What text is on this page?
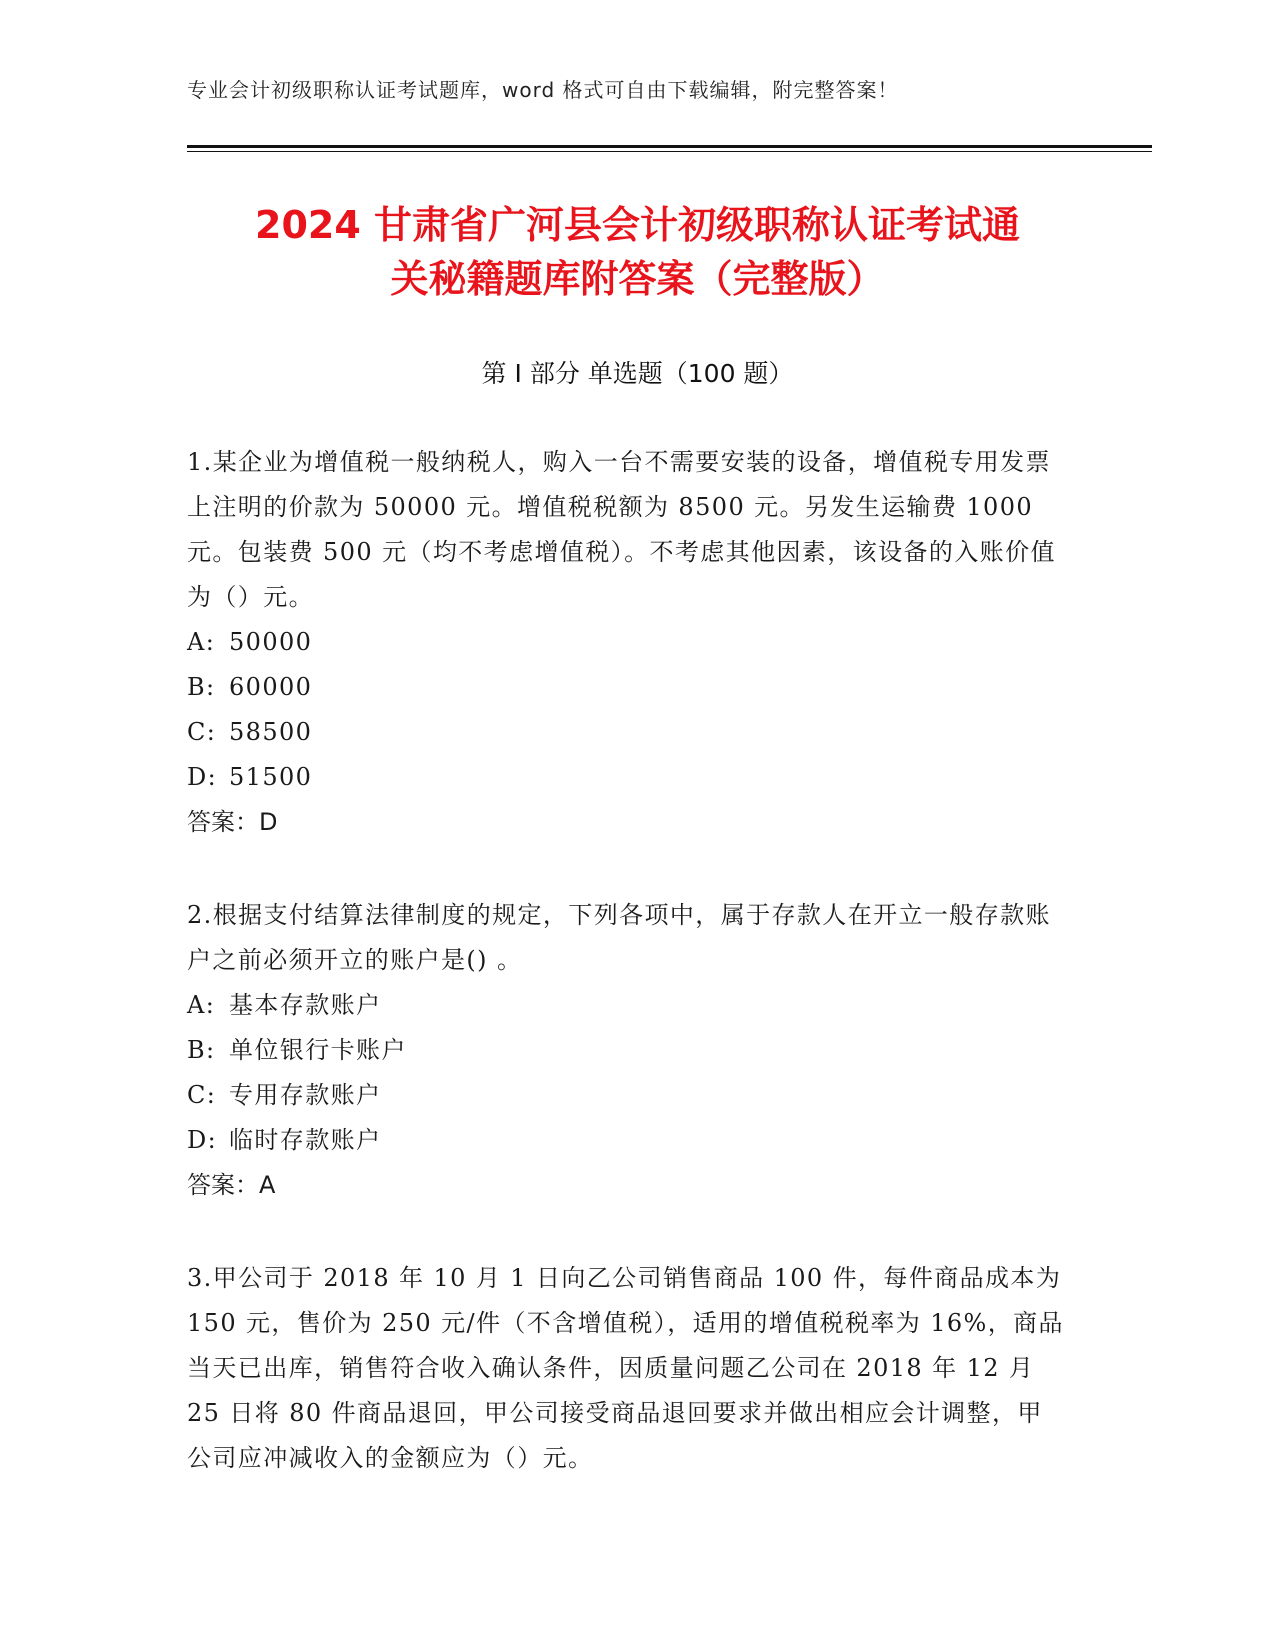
专业会计初级职称认证考试题库，word 格式可自由下载编辑，附完整答案！
2024 甘肃省广河县会计初级职称认证考试通
关秘籍题库附答案（完整版）
第 I 部分 单选题（100 题）

1.某企业为增值税一般纳税人，购入一台不需要安装的设备，增值税专用发票上注明的价款为 50000 元。增值税税额为 8500 元。另发生运输费 1000 元。包装费 500 元（均不考虑增值税）。不考虑其他因素，该设备的入账价值为（）元。

A: 50000

B: 60000

C: 58500

D: 51500

答案：D

2.根据支付结算法律制度的规定，下列各项中，属于存款人在开立一般存款账户之前必须开立的账户是() 。

A: 基本存款账户

B: 单位银行卡账户

C: 专用存款账户

D: 临时存款账户

答案：A

3.甲公司于 2018 年 10 月 1 日向乙公司销售商品 100 件，每件商品成本为 150 元，售价为 250 元/件（不含增值税），适用的增值税税率为 16%，商品当天已出库，销售符合收入确认条件，因质量问题乙公司在 2018 年 12 月 25 日将 80 件商品退回，甲公司接受商品退回要求并做出相应会计调整，甲公司应冲减收入的金额应为（）元。
